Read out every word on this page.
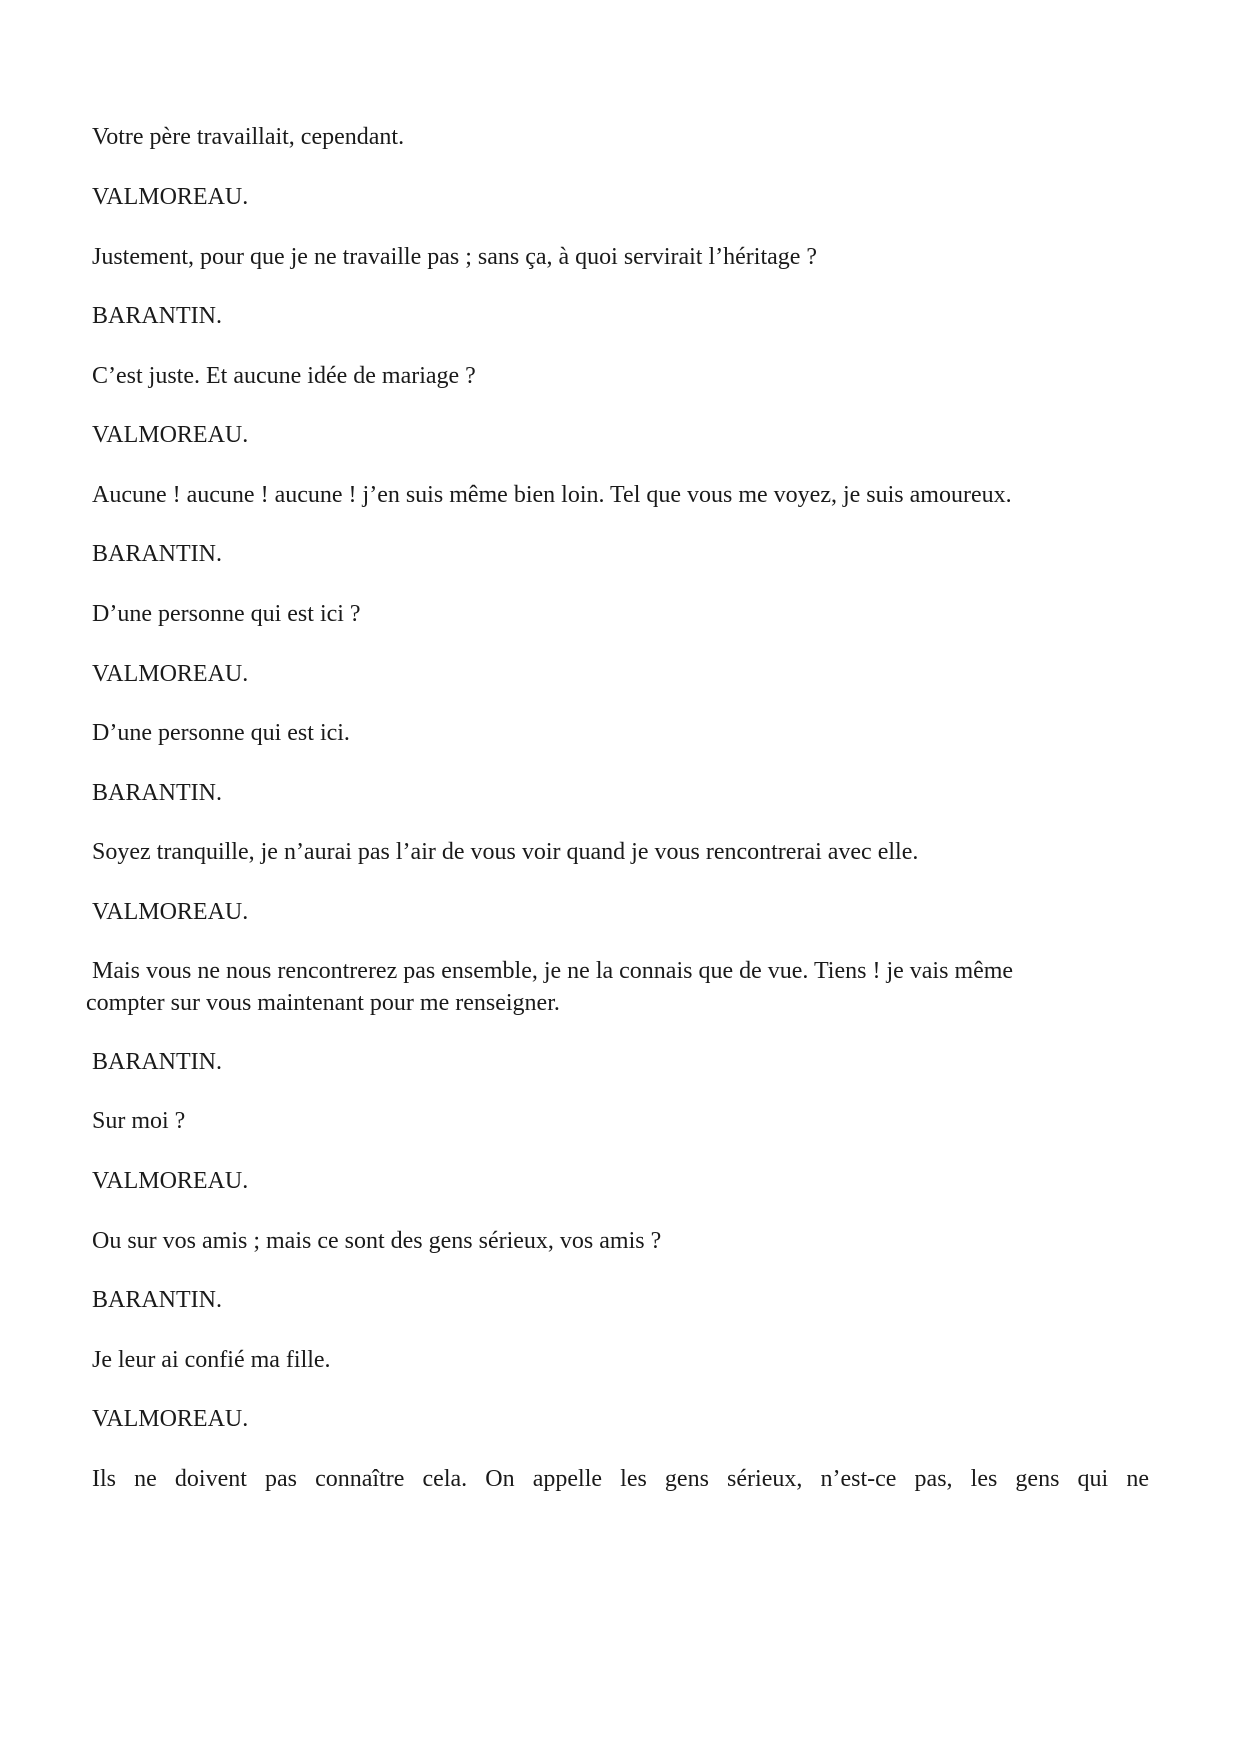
Votre père travaillait, cependant.

VALMOREAU.

Justement, pour que je ne travaille pas ; sans ça, à quoi servirait l’héritage ?

BARANTIN.

C’est juste. Et aucune idée de mariage ?

VALMOREAU.

Aucune ! aucune ! aucune ! j’en suis même bien loin. Tel que vous me voyez, je suis amoureux.

BARANTIN.

D’une personne qui est ici ?

VALMOREAU.

D’une personne qui est ici.

BARANTIN.

Soyez tranquille, je n’aurai pas l’air de vous voir quand je vous rencontrerai avec elle.

VALMOREAU.

Mais vous ne nous rencontrerez pas ensemble, je ne la connais que de vue. Tiens ! je vais même

compter sur vous maintenant pour me renseigner.

BARANTIN.

Sur moi ?

VALMOREAU.

Ou sur vos amis ; mais ce sont des gens sérieux, vos amis ?

BARANTIN.

Je leur ai confié ma fille.

VALMOREAU.

Ils ne doivent pas connaître cela. On appelle les gens sérieux, n’est-ce pas, les gens qui ne
